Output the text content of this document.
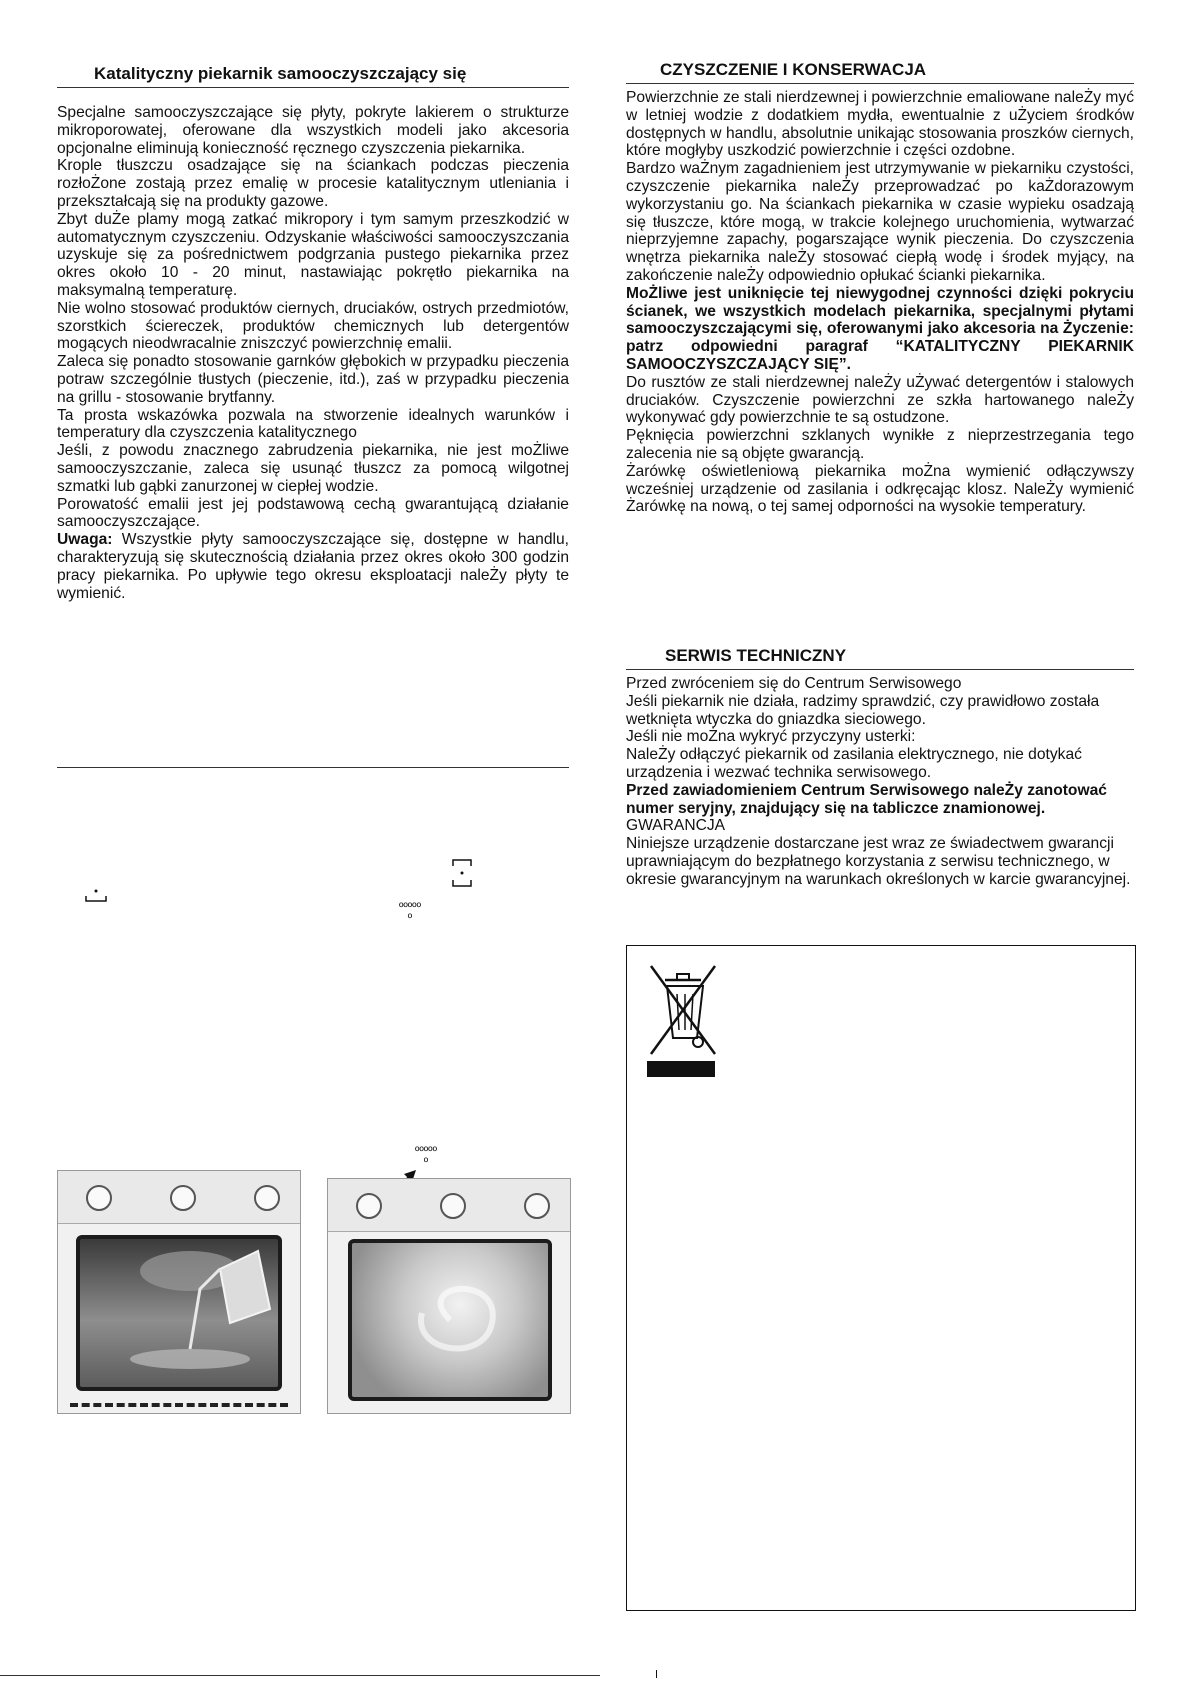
Katalityczny piekarnik samooczyszczający się

Specjalne samooczyszczające się płyty, pokryte lakierem o strukturze mikroporowatej, oferowane dla wszystkich modeli jako akcesoria opcjonalne eliminują konieczność ręcznego czyszczenia piekarnika.

Krople tłuszczu osadzające się na ściankach podczas pieczenia rozłoŻone zostają przez emalię w procesie katalitycznym utleniania i przekształcają się na produkty gazowe.

Zbyt duŻe plamy mogą zatkać mikropory i tym samym przeszkodzić w automatycznym czyszczeniu. Odzyskanie właściwości samooczyszczania uzyskuje się za pośrednictwem podgrzania pustego piekarnika przez okres około 10 - 20 minut, nastawiając pokrętło piekarnika na maksymalną temperaturę.

Nie wolno stosować produktów ciernych, druciaków, ostrych przedmiotów, szorstkich ściereczek, produktów chemicznych lub detergentów mogących nieodwracalnie zniszczyć powierzchnię emalii.

Zaleca się ponadto stosowanie garnków głębokich w przypadku pieczenia potraw szczególnie tłustych (pieczenie, itd.), zaś w przypadku pieczenia na grillu - stosowanie brytfanny.

Ta prosta wskazówka pozwala na stworzenie idealnych warunków i temperatury dla czyszczenia katalitycznego

Jeśli, z powodu znacznego zabrudzenia piekarnika, nie jest moŻliwe samooczyszczanie, zaleca się usunąć tłuszcz za pomocą wilgotnej szmatki lub gąbki zanurzonej w ciepłej wodzie.

Porowatość emalii jest jej podstawową cechą gwarantującą działanie samooczyszczające.

Uwaga: Wszystkie płyty samooczyszczające się, dostępne w handlu, charakteryzują się skutecznością działania przez okres około 300 godzin pracy piekarnika. Po upływie tego okresu eksploatacji naleŻy płyty te wymienić.

ºººººº
ºººººº
CZYSZCZENIE I KONSERWACJA

Powierzchnie ze stali nierdzewnej i powierzchnie emaliowane naleŻy myć w letniej wodzie z dodatkiem mydła, ewentualnie z uŻyciem środków dostępnych w handlu, absolutnie unikając stosowania proszków ciernych, które mogłyby uszkodzić powierzchnie i części ozdobne.

Bardzo waŻnym zagadnieniem jest utrzymywanie w piekarniku czystości, czyszczenie piekarnika naleŻy przeprowadzać po kaŻdorazowym wykorzystaniu go. Na ściankach piekarnika w czasie wypieku osadzają się tłuszcze, które mogą, w trakcie kolejnego uruchomienia, wytwarzać nieprzyjemne zapachy, pogarszające wynik pieczenia. Do czyszczenia wnętrza piekarnika naleŻy stosować ciepłą wodę i środek myjący, na zakończenie naleŻy odpowiednio opłukać ścianki piekarnika.

MoŻliwe jest uniknięcie tej niewygodnej czynności dzięki pokryciu ścianek, we wszystkich modelach piekarnika, specjalnymi płytami samooczyszczającymi się, oferowanymi jako akcesoria na Życzenie: patrz odpowiedni paragraf “KATALITYCZNY PIEKARNIK SAMOOCZYSZCZAJĄCY SIĘ”.

Do rusztów ze stali nierdzewnej naleŻy uŻywać detergentów i stalowych druciaków. Czyszczenie powierzchni ze szkła hartowanego naleŻy wykonywać gdy powierzchnie te są ostudzone.

Pęknięcia powierzchni szklanych wynikłe z nieprzestrzegania tego zalecenia nie są objęte gwarancją.

Żarówkę oświetleniową piekarnika moŻna wymienić odłączywszy wcześniej urządzenie od zasilania i odkręcając klosz. NaleŻy wymienić Żarówkę na nową, o tej samej odporności na wysokie temperatury.

SERWIS TECHNICZNY

Przed zwróceniem się do Centrum Serwisowego

Jeśli piekarnik nie działa, radzimy sprawdzić, czy prawidłowo została wetknięta wtyczka do gniazdka sieciowego.

Jeśli nie moŻna wykryć przyczyny usterki:

NaleŻy odłączyć piekarnik od zasilania elektrycznego, nie dotykać urządzenia i wezwać technika serwisowego.

Przed zawiadomieniem Centrum Serwisowego naleŻy zanotować numer seryjny, znajdujący się na tabliczce znamionowej.

GWARANCJA

Niniejsze urządzenie dostarczane jest wraz ze świadectwem gwarancji uprawniającym do bezpłatnego korzystania z serwisu technicznego, w okresie gwarancyjnym na warunkach określonych w karcie gwarancyjnej.
